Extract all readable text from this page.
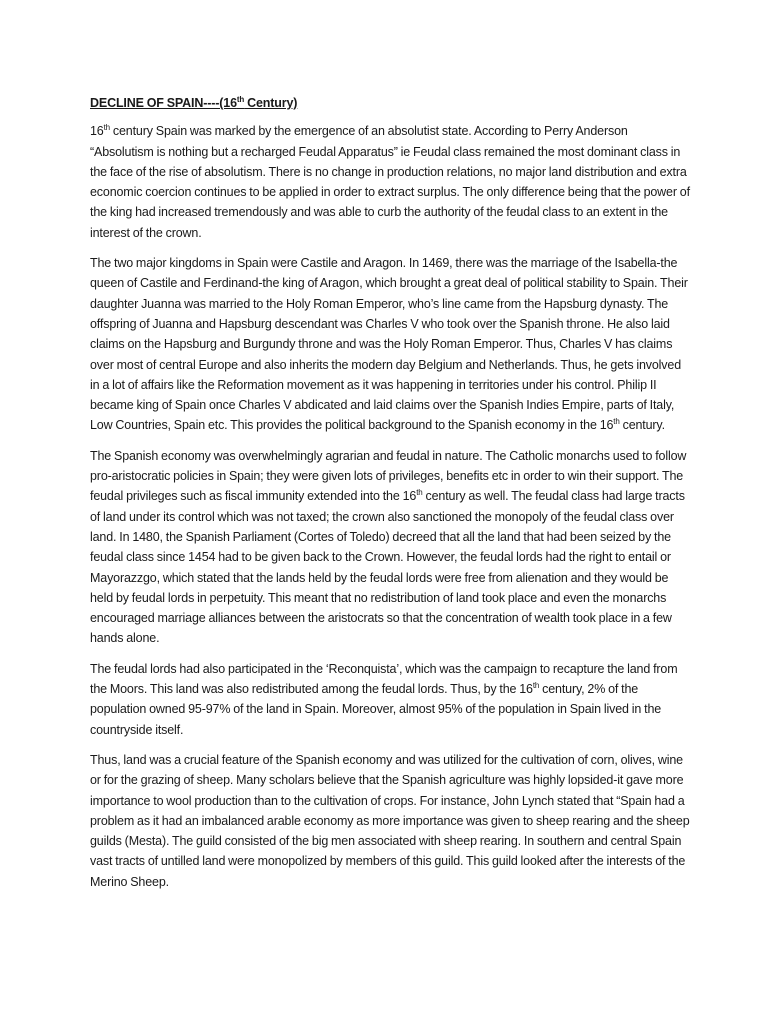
DECLINE OF SPAIN----(16th Century)

16th century Spain was marked by the emergence of an absolutist state. According to Perry Anderson “Absolutism is nothing but a recharged Feudal Apparatus” ie Feudal class remained the most dominant class in the face of the rise of absolutism. There is no change in production relations, no major land distribution and extra economic coercion continues to be applied in order to extract surplus. The only difference being that the power of the king had increased tremendously and was able to curb the authority of the feudal class to an extent in the interest of the crown.

The two major kingdoms in Spain were Castile and Aragon. In 1469, there was the marriage of the Isabella-the queen of Castile and Ferdinand-the king of Aragon, which brought a great deal of political stability to Spain. Their daughter Juanna was married to the Holy Roman Emperor, who’s line came from the Hapsburg dynasty. The offspring of Juanna and Hapsburg descendant was Charles V who took over the Spanish throne. He also laid claims on the Hapsburg and Burgundy throne and was the Holy Roman Emperor. Thus, Charles V has claims over most of central Europe and also inherits the modern day Belgium and Netherlands. Thus, he gets involved in a lot of affairs like the Reformation movement as it was happening in territories under his control. Philip II became king of Spain once Charles V abdicated and laid claims over the Spanish Indies Empire, parts of Italy, Low Countries, Spain etc. This provides the political background to the Spanish economy in the 16th century.

The Spanish economy was overwhelmingly agrarian and feudal in nature. The Catholic monarchs used to follow pro-aristocratic policies in Spain; they were given lots of privileges, benefits etc in order to win their support. The feudal privileges such as fiscal immunity extended into the 16th century as well. The feudal class had large tracts of land under its control which was not taxed; the crown also sanctioned the monopoly of the feudal class over land. In 1480, the Spanish Parliament (Cortes of Toledo) decreed that all the land that had been seized by the feudal class since 1454 had to be given back to the Crown. However, the feudal lords had the right to entail or Mayorazzgo, which stated that the lands held by the feudal lords were free from alienation and they would be held by feudal lords in perpetuity. This meant that no redistribution of land took place and even the monarchs encouraged marriage alliances between the aristocrats so that the concentration of wealth took place in a few hands alone.

The feudal lords had also participated in the ‘Reconquista’, which was the campaign to recapture the land from the Moors. This land was also redistributed among the feudal lords. Thus, by the 16th century, 2% of the population owned 95-97% of the land in Spain. Moreover, almost 95% of the population in Spain lived in the countryside itself.

Thus, land was a crucial feature of the Spanish economy and was utilized for the cultivation of corn, olives, wine or for the grazing of sheep. Many scholars believe that the Spanish agriculture was highly lopsided-it gave more importance to wool production than to the cultivation of crops. For instance, John Lynch stated that “Spain had a problem as it had an imbalanced arable economy as more importance was given to sheep rearing and the sheep guilds (Mesta). The guild consisted of the big men associated with sheep rearing. In southern and central Spain vast tracts of untilled land were monopolized by members of this guild. This guild looked after the interests of the Merino Sheep.
